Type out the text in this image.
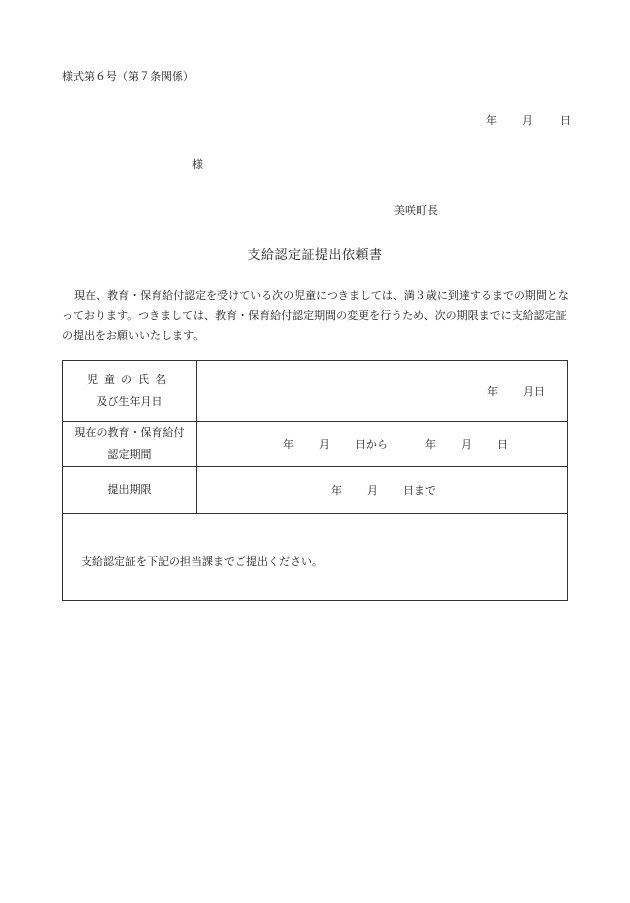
様式第６号（第７条関係）
年 月 日
様
美咲町長
支給認定証提出依頼書
現在、教育・保育給付認定を受けている次の児童につきましては、満３歳に到達するまでの期間となっております。つきましては、教育・保育給付認定期間の変更を行うため、次の期限までに支給認定証の提出をお願いいたします。
児童の氏名
及び生年月日	年 月日

現在の教育・保育給付
認定期間	年 月 日から 年 月 日
提出期限	年 月 日まで
支給認定証を下記の担当課までご提出ください。	
